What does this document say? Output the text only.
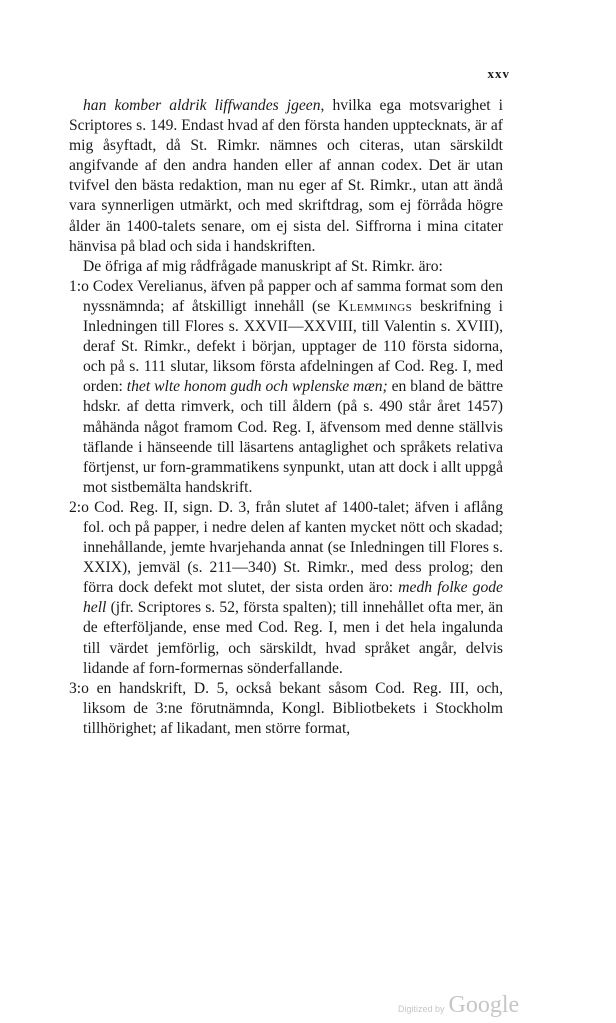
xxv

han komber aldrik liffwandes jgeen, hvilka ega motsvarighet i Scriptores s. 149. Endast hvad af den första handen upptecknats, är af mig åsyftadt, då St. Rimkr. nämnes och citeras, utan särskildt angifvande af den andra handen eller af annan codex. Det är utan tvifvel den bästa redaktion, man nu eger af St. Rimkr., utan att ändå vara synnerligen utmärkt, och med skriftdrag, som ej förråda högre ålder än 1400-talets senare, om ej sista del. Siffrorna i mina citater hänvisa på blad och sida i handskriften.

De öfriga af mig rådfrågade manuskript af St. Rimkr. äro:

1:o Codex Verelianus, äfven på papper och af samma format som den nyssnämnda; af åtskilligt innehåll (se Klemmings beskrifning i Inledningen till Flores s. XXVII—XXVIII, till Valentin s. XVIII), deraf St. Rimkr., defekt i början, upptager de 110 första sidorna, och på s. 111 slutar, liksom första afdelningen af Cod. Reg. I, med orden: thet wlte honom gudh och wplenske mæn; en bland de bättre hdskr. af detta rimverk, och till åldern (på s. 490 står året 1457) måhända något framom Cod. Reg. I, äfvensom med denne ställvis täflande i hänseende till läsartens antaglighet och språkets relativa förtjenst, ur forn-grammatikens synpunkt, utan att dock i allt uppgå mot sistbemälta handskrift.

2:o Cod. Reg. II, sign. D. 3, från slutet af 1400-talet; äfven i aflång fol. och på papper, i nedre delen af kanten mycket nött och skadad; innehållande, jemte hvarjehanda annat (se Inledningen till Flores s. XXIX), jemväl (s. 211—340) St. Rimkr., med dess prolog; den förra dock defekt mot slutet, der sista orden äro: medh folke gode hell (jfr. Scriptores s. 52, första spalten); till innehållet ofta mer, än de efterföljande, ense med Cod. Reg. I, men i det hela ingalunda till värdet jemförlig, och särskildt, hvad språket angår, delvis lidande af forn-formernas sönderfallande.

3:o en handskrift, D. 5, också bekant såsom Cod. Reg. III, och, liksom de 3:ne förutnämnda, Kongl. Bibliotbekets i Stockholm tillhörighet; af likadant, men större format,

Digitized by Google
